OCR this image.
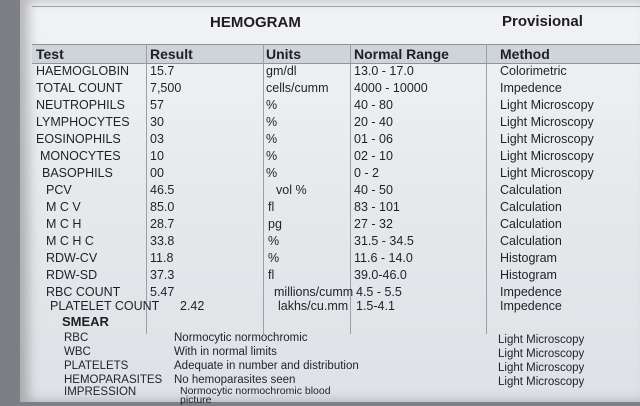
HEMOGRAM	Provisional
Test	Result	Units	Normal Range	Method
HAEMOGLOBIN 15.7	gm/dl	13.0 - 17.0	Colorimetric
TOTAL COUNT 7,500	cells/cumm 4000 - 10000	Impedence
NEUTROPHILS 57	%	40 - 80	Light Microscopy
LYMPHOCYTES 30	%	20 - 40	Light Microscopy
EOSINOPHILS 03	%	01 - 06	Light Microscopy
MONOCYTES 10	%	02 - 10	Light Microscopy
BASOPHILS	00	%	0 - 2	Light Microscopy
PCV	46.5	vol %	40 - 50	Calculation
M C V	85.0	fl	83 - 101	Calculation
M C H	28.7	pg	27 - 32	Calculation
M C H C	33.8	%	31.5 - 34.5	Calculation
RDW-CV	11.8	%	11.6 - 14.0	Histogram
RDW-SD	37.3	fl	39.0-46.0	Histogram
RBC COUNT 5.47	millions/cumm 4.5 - 5.5	Impedence
PLATELET COUNT 2.42	lakhs/cu.mm 1.5-4.1	Impedence
SMEAR
RBC	Normocytic normochromic	Light Microscopy
WBC	With in normal limits	Light Microscopy
PLATELETS	Adequate in number and distribution	Light Microscopy
HEMOPARASITES No hemoparasites seen	Light Microscopy
IMPRESSION	Normocytic normochromic blood
picture
